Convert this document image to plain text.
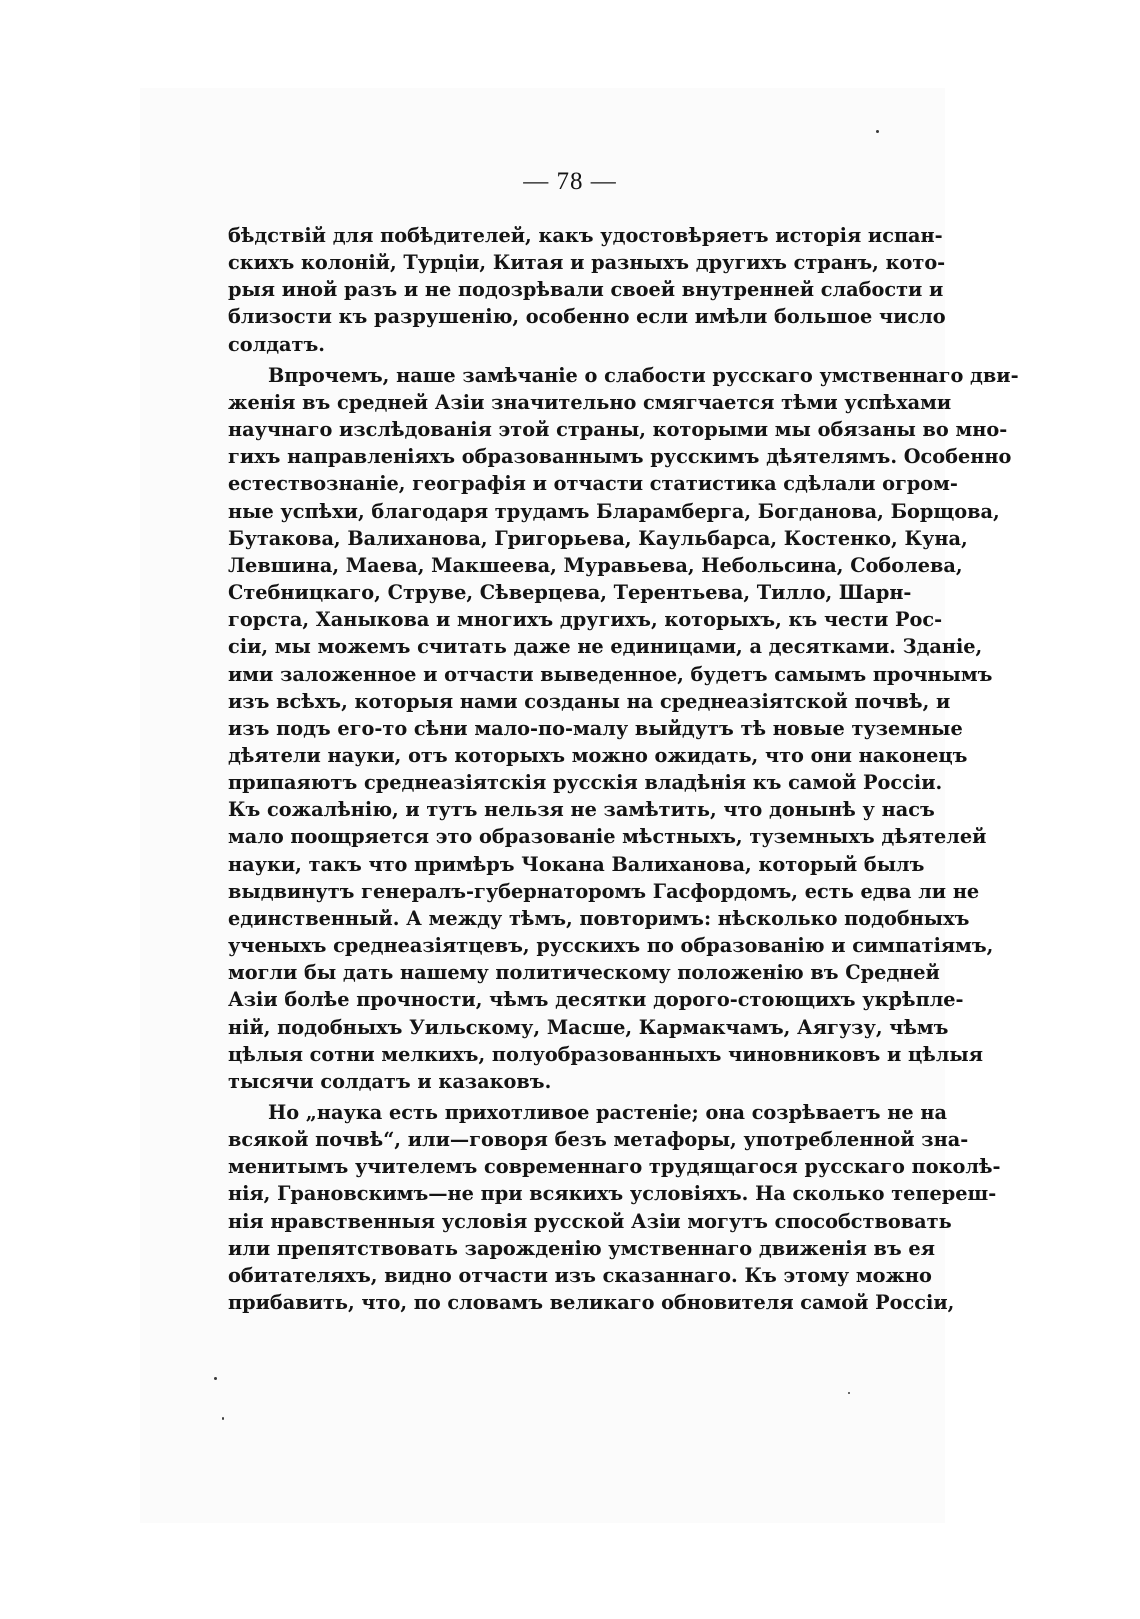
— 78 —

бѣдствій для побѣдителей, какъ удостовѣряетъ исторія испан-
скихъ колоній, Турціи, Китая и разныхъ другихъ странъ, кото-
рыя иной разъ и не подозрѣвали своей внутренней слабости и
близости къ разрушенію, особенно если имѣли большое число
солдатъ.

Впрочемъ, наше замѣчаніе о слабости русскаго умственнаго дви-
женія въ средней Азіи значительно смягчается тѣми успѣхами
научнаго изслѣдованія этой страны, которыми мы обязаны во мно-
гихъ направленіяхъ образованнымъ русскимъ дѣятелямъ. Особенно
естествознаніе, географія и отчасти статистика сдѣлали огром-
ные успѣхи, благодаря трудамъ Бларамберга, Богданова, Борщова,
Бутакова, Валиханова, Григорьева, Каульбарса, Костенко, Куна,
Левшина, Маева, Макшеева, Муравьева, Небольсина, Соболева,
Стебницкаго, Струве, Сѣверцева, Терентьева, Тилло, Шарн-
горста, Ханыкова и многихъ другихъ, которыхъ, къ чести Рос-
сіи, мы можемъ считать даже не единицами, а десятками. Зданіе,
ими заложенное и отчасти выведенное, будетъ самымъ прочнымъ
изъ всѣхъ, которыя нами созданы на среднеазіятской почвѣ, и
изъ подъ его-то сѣни мало-по-малу выйдутъ тѣ новые туземные
дѣятели науки, отъ которыхъ можно ожидать, что они наконецъ
припаяютъ среднеазіятскія русскія владѣнія къ самой Россіи.
Къ сожалѣнію, и тутъ нельзя не замѣтить, что донынѣ у насъ
мало поощряется это образованіе мѣстныхъ, туземныхъ дѣятелей
науки, такъ что примѣръ Чокана Валиханова, который былъ
выдвинутъ генералъ-губернаторомъ Гасфордомъ, есть едва ли не
единственный. А между тѣмъ, повторимъ: нѣсколько подобныхъ
ученыхъ среднеазіятцевъ, русскихъ по образованію и симпатіямъ,
могли бы дать нашему политическому положенію въ Средней
Азіи болѣе прочности, чѣмъ десятки дорого-стоющихъ укрѣпле-
ній, подобныхъ Уильскому, Масше, Кармакчамъ, Аягузу, чѣмъ
цѣлыя сотни мелкихъ, полуобразованныхъ чиновниковъ и цѣлыя
тысячи солдатъ и казаковъ.

Но „наука есть прихотливое растеніе; она созрѣваетъ не на
всякой почвѣ“, или—говоря безъ метафоры, употребленной зна-
менитымъ учителемъ современнаго трудящагося русскаго поколѣ-
нія, Грановскимъ—не при всякихъ условіяхъ. На сколько тепереш-
нія нравственныя условія русской Азіи могутъ способствовать
или препятствовать зарожденію умственнаго движенія въ ея
обитателяхъ, видно отчасти изъ сказаннаго. Къ этому можно
прибавить, что, по словамъ великаго обновителя самой Россіи,
